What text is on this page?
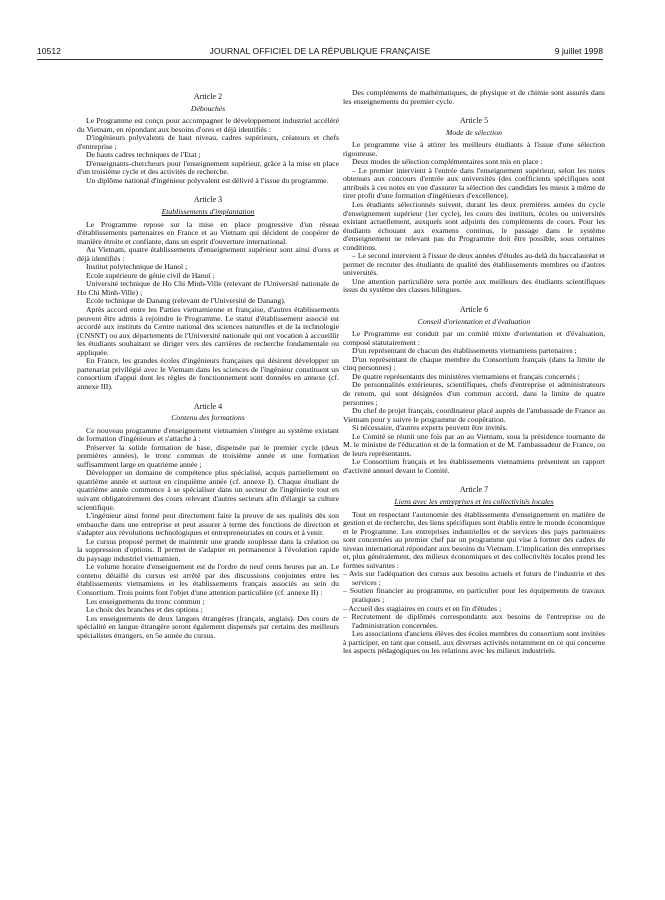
10512	JOURNAL OFFICIEL DE LA RÉPUBLIQUE FRANÇAISE	9 juillet 1998
Article 2
Débouchés

Le Programme est conçu pour accompagner le développement industriel accéléré du Vietnam, en répondant aux besoins d'ores et déjà identifiés :

D'ingénieurs polyvalents de haut niveau, cadres supérieurs, créateurs et chefs d'entreprise ;

De hauts cadres techniques de l'Etat ;

D'enseignants-chercheurs pour l'enseignement supérieur, grâce à la mise en place d'un troisième cycle et des activités de recherche.

Un diplôme national d'ingénieur polyvalent est délivré à l'issue du programme.

Article 3
Etablissements d'implantation

Le Programme repose sur la mise en place progressive d'un réseau d'établissements partenaires en France et au Vietnam qui décident de coopérer de manière étroite et confiante, dans un esprit d'ouverture international.

Au Vietnam, quatre établissements d'enseignement supérieur sont ainsi d'ores et déjà identifiés :

Institut polytechnique de Hanoï ;

Ecole supérieure de génie civil de Hanoï ;

Université technique de Ho Chi Minh-Ville (relevant de l'Université nationale de Ho Chi Minh-Ville) ;

Ecole technique de Danang (relevant de l'Université de Danang).

Après accord entre les Parties vietnamienne et française, d'autres établissements peuvent être admis à rejoindre le Programme. Le statut d'établissement associé est accordé aux instituts du Centre national des sciences naturelles et de la technologie (CNSNT) ou aux départements de l'Université nationale qui ont vocation à accueillir les étudiants souhaitant se diriger vers des carrières de recherche fondamentale ou appliquée.

En France, les grandes écoles d'ingénieurs françaises qui désirent développer un partenariat privilégié avec le Vietnam dans les sciences de l'ingénieur constituent un consortium d'appui dont les règles de fonctionnement sont données en annexe (cf. annexe III).

Article 4
Contenu des formations

Ce nouveau programme d'enseignement vietnamien s'intègre au système existant de formation d'ingénieurs et s'attache à :

Préserver la solide formation de base, dispensée par le premier cycle (deux premières années), le tronc commun de troisième année et une formation suffisamment large en quatrième année ;

Développer un domaine de compétence plus spécialisé, acquis partiellement en quatrième année et surtout en cinquième année (cf. annexe I). Chaque étudiant de quatrième année commence à se spécialiser dans un secteur de l'ingénierie tout en suivant obligatoirement des cours relevant d'autres secteurs afin d'élargir sa culture scientifique.

L'ingénieur ainsi formé peut directement faire la preuve de ses qualités dès son embauche dans une entreprise et peut assurer à terme des fonctions de direction et s'adapter aux révolutions technologiques et entrepreneuriales en cours et à venir.

Le cursus proposé permet de maintenir une grande souplesse dans la création ou la suppression d'options. Il permet de s'adapter en permanence à l'évolution rapide du paysage industriel vietnamien.

Le volume horaire d'enseignement est de l'ordre de neuf cents heures par an. Le contenu détaillé du cursus est arrêté par des discussions conjointes entre les établissements vietnamiens et les établissements français associés au sein du Consortium. Trois points font l'objet d'une attention particulière (cf. annexe II) :

Les enseignements du tronc commun ;

Le choix des branches et des options ;

Les enseignements de deux langues étrangères (français, anglais). Des cours de spécialité en langue étrangère seront également dispensés par certains des meilleurs spécialistes étrangers, en 5e année du cursus.

Des compléments de mathématiques, de physique et de chimie sont assurés dans les enseignements du premier cycle.

Article 5
Mode de sélection

Le programme vise à attirer les meilleurs étudiants à l'issue d'une sélection rigoureuse.

Deux modes de sélection complémentaires sont mis en place :

– Le premier intervient à l'entrée dans l'enseignement supérieur, selon les notes obtenues aux concours d'entrée aux universités (des coefficients spécifiques sont attribués à ces notes en vue d'assurer la sélection des candidats les mieux à même de tirer profit d'une formation d'ingénieurs d'excellence).

Les étudiants sélectionnés suivent, durant les deux premières années du cycle d'enseignement supérieur (1er cycle), les cours des instituts, écoles ou universités existant actuellement, auxquels sont adjoints des compléments de cours. Pour les étudiants échouant aux examens continus, le passage dans le système d'enseignement ne relevant pas du Programme doit être possible, sous certaines conditions.

– Le second intervient à l'issue de deux années d'études au-delà du baccalauréat et permet de recruter des étudiants de qualité des établissements membres ou d'autres universités.

Une attention particulière sera portée aux meilleurs des étudiants scientifiques issus du système des classes bilingues.

Article 6
Conseil d'orientation et d'évaluation

Le Programme est conduit par un comité mixte d'orientation et d'évaluation, composé statutairement :

D'un représentant de chacun des établissements vietnamiens partenaires ;

D'un représentant de chaque membre du Consortium français (dans la limite de cinq personnes) ;

De quatre représentants des ministères vietnamiens et français concernés ;

De personnalités extérieures, scientifiques, chefs d'entreprise et administrateurs de renom, qui sont désignées d'un commun accord, dans la limite de quatre personnes ;

Du chef de projet français, coordinateur placé auprès de l'ambassade de France au Vietnam pour y suivre le programme de coopération.

Si nécessaire, d'autres experts peuvent être invités.

Le Comité se réunit une fois par an au Vietnam, sous la présidence tournante de M. le ministre de l'éducation et de la formation et de M. l'ambassadeur de France, ou de leurs représentants.

Le Consortium français et les établissements vietnamiens présentent un rapport d'activité annuel devant le Comité.

Article 7
Liens avec les entreprises et les collectivités locales

Tout en respectant l'autonomie des établissements d'enseignement en matière de gestion et de recherche, des liens spécifiques sont établis entre le monde économique et le Programme. Les entreprises industrielles et de services des pays partenaires sont concernées au premier chef par un programme qui vise à former des cadres de niveau international répondant aux besoins du Vietnam. L'implication des entreprises et, plus généralement, des milieux économiques et des collectivités locales prend les formes suivantes :

– Avis sur l'adéquation des cursus aux besoins actuels et futurs de l'industrie et des services ;

– Soutien financier au programme, en particulier pour les équipements de travaux pratiques ;

– Accueil des stagiaires en cours et en fin d'études ;

– Recrutement de diplômés correspondants aux besoins de l'entreprise ou de l'administration concernées.

Les associations d'anciens élèves des écoles membres du consortium sont invitées à participer, en tant que conseil, aux diverses activités notamment en ce qui concerne les aspects pédagogiques ou les relations avec les milieux industriels.
